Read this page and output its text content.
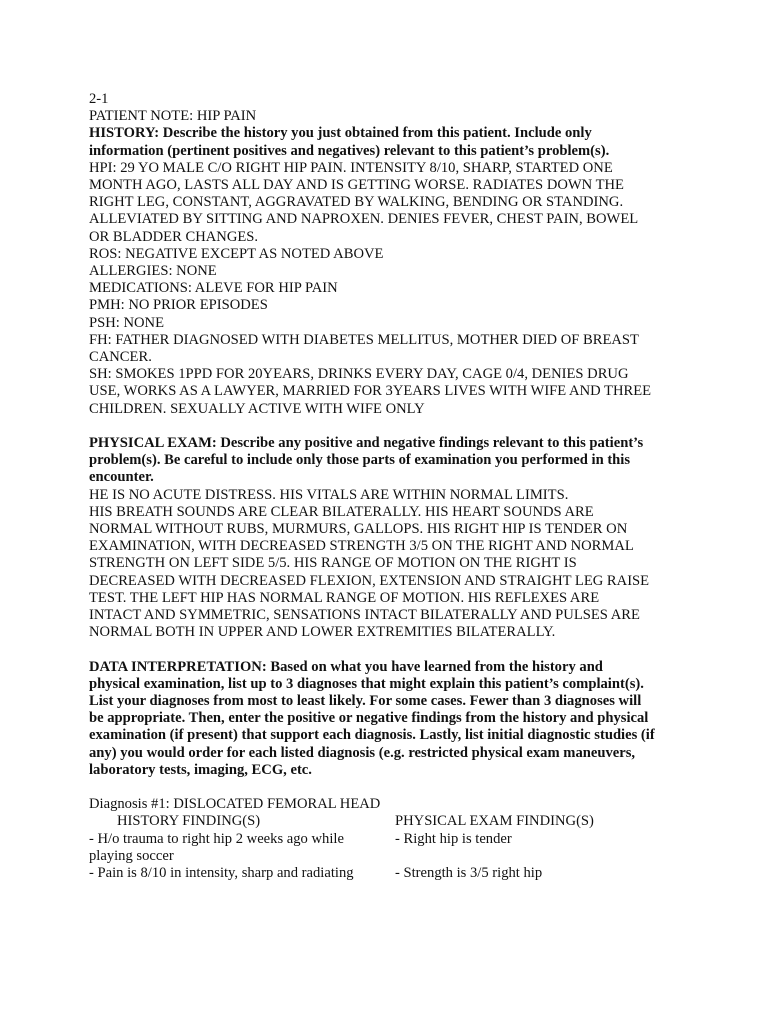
2-1
PATIENT NOTE: HIP PAIN
HISTORY: Describe the history you just obtained from this patient. Include only
information (pertinent positives and negatives) relevant to this patient’s problem(s).
HPI: 29 YO MALE C/O RIGHT HIP PAIN. INTENSITY 8/10, SHARP, STARTED ONE
MONTH AGO, LASTS ALL DAY AND IS GETTING WORSE. RADIATES DOWN THE
RIGHT LEG, CONSTANT, AGGRAVATED BY WALKING, BENDING OR STANDING.
ALLEVIATED BY SITTING AND NAPROXEN. DENIES FEVER, CHEST PAIN, BOWEL
OR BLADDER CHANGES.
ROS: NEGATIVE EXCEPT AS NOTED ABOVE
ALLERGIES: NONE
MEDICATIONS: ALEVE FOR HIP PAIN
PMH: NO PRIOR EPISODES
PSH: NONE
FH: FATHER DIAGNOSED WITH DIABETES MELLITUS, MOTHER DIED OF BREAST
CANCER.
SH: SMOKES 1PPD FOR 20YEARS, DRINKS EVERY DAY, CAGE 0/4, DENIES DRUG
USE, WORKS AS A LAWYER, MARRIED FOR 3YEARS LIVES WITH WIFE AND THREE
CHILDREN. SEXUALLY ACTIVE WITH WIFE ONLY
PHYSICAL EXAM: Describe any positive and negative findings relevant to this patient’s
problem(s). Be careful to include only those parts of examination you performed in this
encounter.
HE IS NO ACUTE DISTRESS. HIS VITALS ARE WITHIN NORMAL LIMITS.
HIS BREATH SOUNDS ARE CLEAR BILATERALLY. HIS HEART SOUNDS ARE
NORMAL WITHOUT RUBS, MURMURS, GALLOPS. HIS RIGHT HIP IS TENDER ON
EXAMINATION, WITH DECREASED STRENGTH 3/5 ON THE RIGHT AND NORMAL
STRENGTH ON LEFT SIDE 5/5. HIS RANGE OF MOTION ON THE RIGHT IS
DECREASED WITH DECREASED FLEXION, EXTENSION AND STRAIGHT LEG RAISE
TEST. THE LEFT HIP HAS NORMAL RANGE OF MOTION. HIS REFLEXES ARE
INTACT AND SYMMETRIC, SENSATIONS INTACT BILATERALLY AND PULSES ARE
NORMAL BOTH IN UPPER AND LOWER EXTREMITIES BILATERALLY.
DATA INTERPRETATION: Based on what you have learned from the history and
physical examination, list up to 3 diagnoses that might explain this patient’s complaint(s).
List your diagnoses from most to least likely. For some cases. Fewer than 3 diagnoses will
be appropriate. Then, enter the positive or negative findings from the history and physical
examination (if present) that support each diagnosis. Lastly, list initial diagnostic studies (if
any) you would order for each listed diagnosis (e.g. restricted physical exam maneuvers,
laboratory tests, imaging, ECG, etc.
Diagnosis #1: DISLOCATED FEMORAL HEAD
HISTORY FINDING(S)	PHYSICAL EXAM FINDING(S)
- H/o trauma to right hip 2 weeks ago while	- Right hip is tender
playing soccer
- Pain is 8/10 in intensity, sharp and radiating	- Strength is 3/5 right hip
